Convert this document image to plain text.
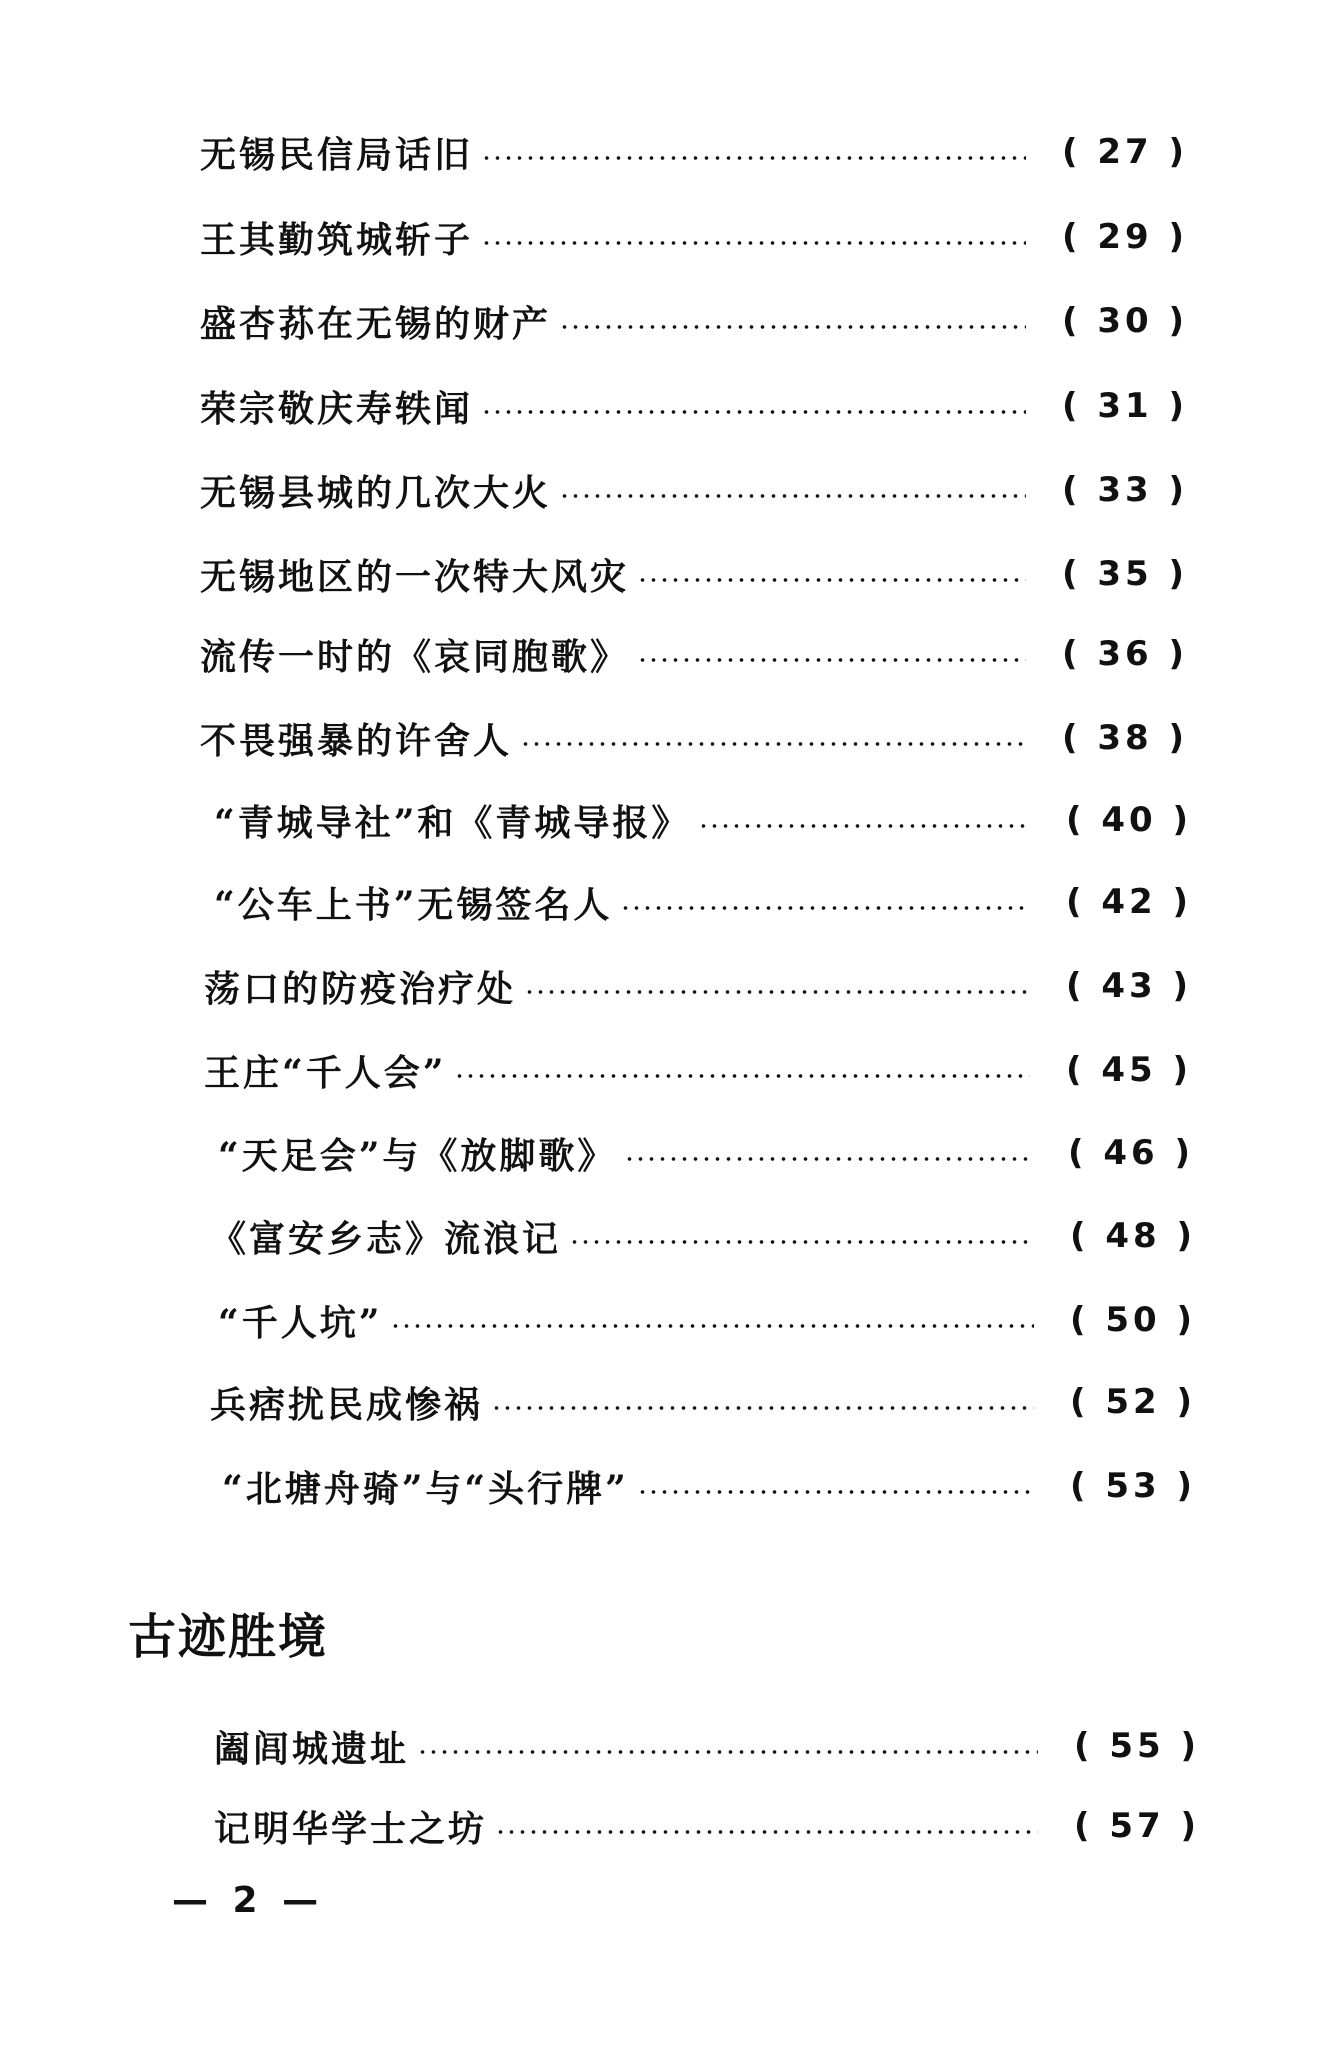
无锡民信局话旧	( 27 )
王其勤筑城斩子	( 29 )
盛杏荪在无锡的财产	( 30 )
荣宗敬庆寿轶闻	( 31 )
无锡县城的几次大火	( 33 )
无锡地区的一次特大风灾	( 35 )
流传一时的《哀同胞歌》	( 36 )
不畏强暴的许舍人	( 38 )
“青城导社”和《青城导报》	( 40 )
“公车上书”无锡签名人	( 42 )
荡口的防疫治疗处	( 43 )
王庄“千人会”	( 45 )
“天足会”与《放脚歌》	( 46 )
《富安乡志》流浪记	( 48 )
“千人坑”	( 50 )
兵痞扰民成惨祸	( 52 )
“北塘舟骑”与“头行牌”	( 53 )
古迹胜境
阖闾城遗址	( 55 )
记明华学士之坊	( 57 )
— 2 —
